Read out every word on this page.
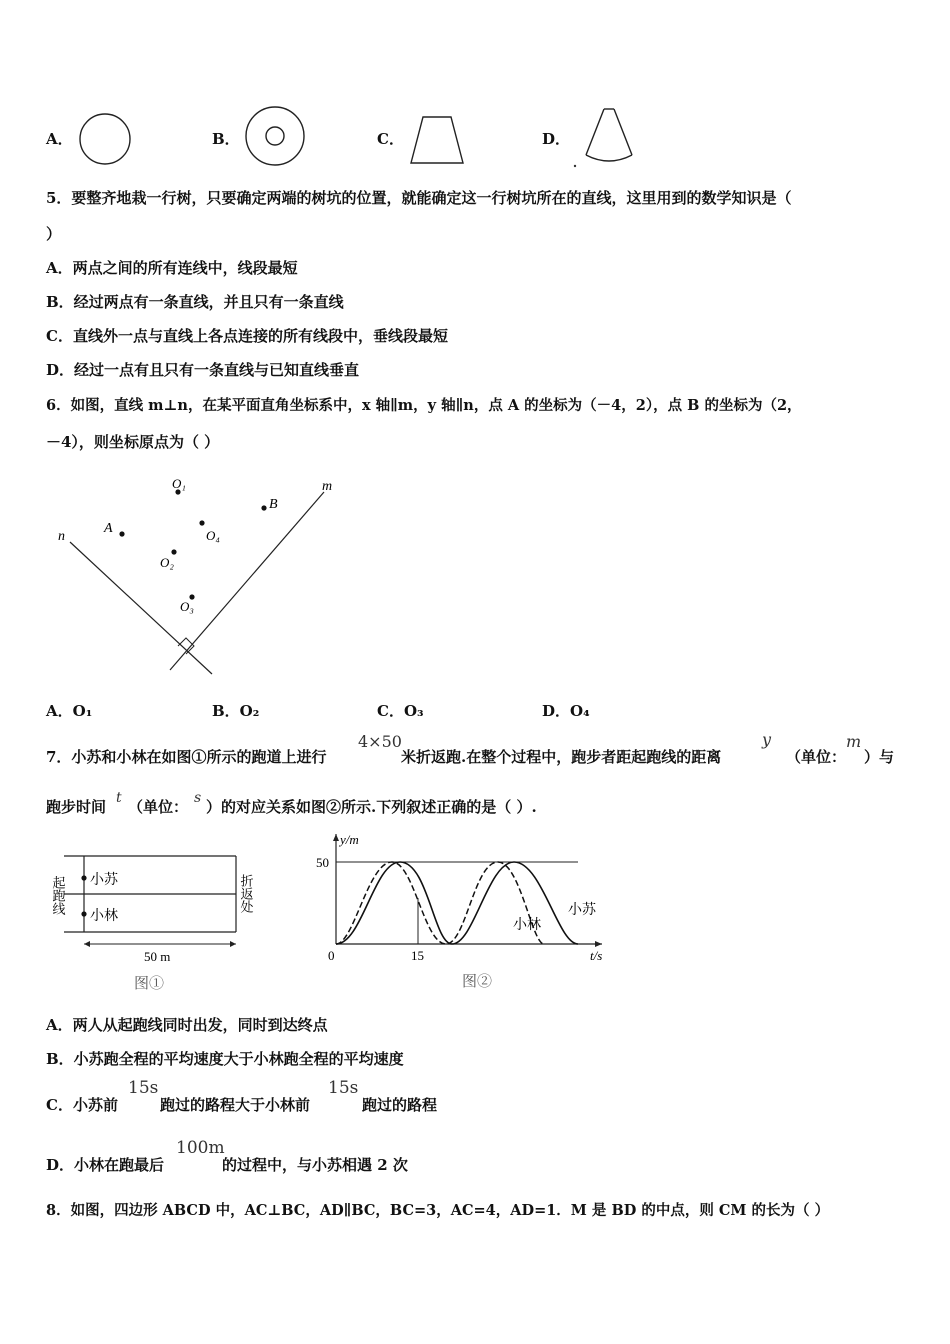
A．	B．	C．	D．
5．要整齐地栽一行树，只要确定两端的树坑的位置，就能确定这一行树坑所在的直线，这里用到的数学知识是（
）
A．两点之间的所有连线中，线段最短
B．经过两点有一条直线，并且只有一条直线
C．直线外一点与直线上各点连接的所有线段中，垂线段最短
D．经过一点有且只有一条直线与已知直线垂直
6．如图，直线 m⊥n，在某平面直角坐标系中，x 轴∥m，y 轴∥n，点 A 的坐标为（－4，2），点 B 的坐标为（2，
－4），则坐标原点为（ ）
m
n
O₁
B
O₄
A
O₂
O₃
A．O₁	B．O₂	C．O₃	D．O₄
7．小苏和小林在如图①所示的跑道上进行
4×50
米折返跑.在整个过程中，跑步者距起跑线的距离
y
（单位：
m
）与
跑步时间 t （单位： s ）的对应关系如图②所示.下列叙述正确的是（ ）.
小苏
小林
起跑线	折返处
50 m
图①
y/m
50
0	15	t/s
小林
小苏
图②
A．两人从起跑线同时出发，同时到达终点
B．小苏跑全程的平均速度大于小林跑全程的平均速度
C．小苏前
15s
跑过的路程大于小林前
15s
跑过的路程
D．小林在跑最后
100m
的过程中，与小苏相遇 2 次
8．如图，四边形 ABCD 中，AC⊥BC，AD∥BC，BC=3，AC=4，AD=1．M 是 BD 的中点，则 CM 的长为（ ）
